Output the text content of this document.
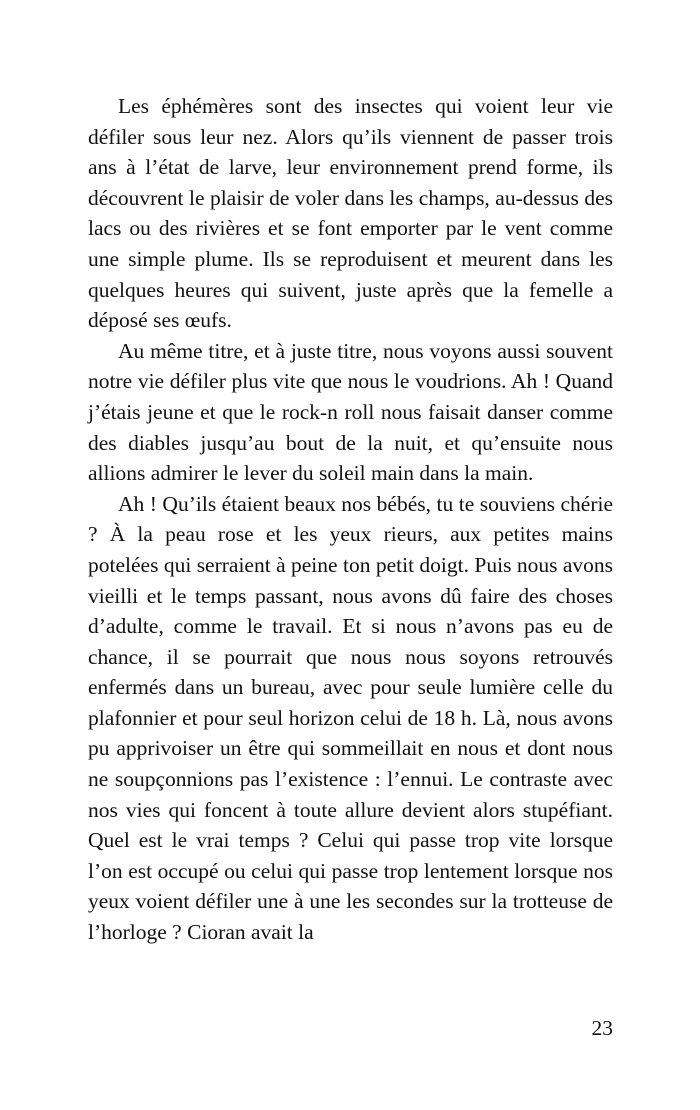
Les éphémères sont des insectes qui voient leur vie défiler sous leur nez. Alors qu’ils viennent de passer trois ans à l’état de larve, leur environnement prend forme, ils découvrent le plaisir de voler dans les champs, au-dessus des lacs ou des rivières et se font emporter par le vent comme une simple plume. Ils se reproduisent et meurent dans les quelques heures qui suivent, juste après que la femelle a déposé ses œufs.

Au même titre, et à juste titre, nous voyons aussi souvent notre vie défiler plus vite que nous le voudrions. Ah ! Quand j’étais jeune et que le rock-n roll nous faisait danser comme des diables jusqu’au bout de la nuit, et qu’ensuite nous allions admirer le lever du soleil main dans la main.

Ah ! Qu’ils étaient beaux nos bébés, tu te souviens chérie ? À la peau rose et les yeux rieurs, aux petites mains potelées qui serraient à peine ton petit doigt. Puis nous avons vieilli et le temps passant, nous avons dû faire des choses d’adulte, comme le travail. Et si nous n’avons pas eu de chance, il se pourrait que nous nous soyons retrouvés enfermés dans un bureau, avec pour seule lumière celle du plafonnier et pour seul horizon celui de 18 h. Là, nous avons pu apprivoiser un être qui sommeillait en nous et dont nous ne soupçonnions pas l’existence : l’ennui. Le contraste avec nos vies qui foncent à toute allure devient alors stupéfiant. Quel est le vrai temps ? Celui qui passe trop vite lorsque l’on est occupé ou celui qui passe trop lentement lorsque nos yeux voient défiler une à une les secondes sur la trotteuse de l’horloge ? Cioran avait la

23
